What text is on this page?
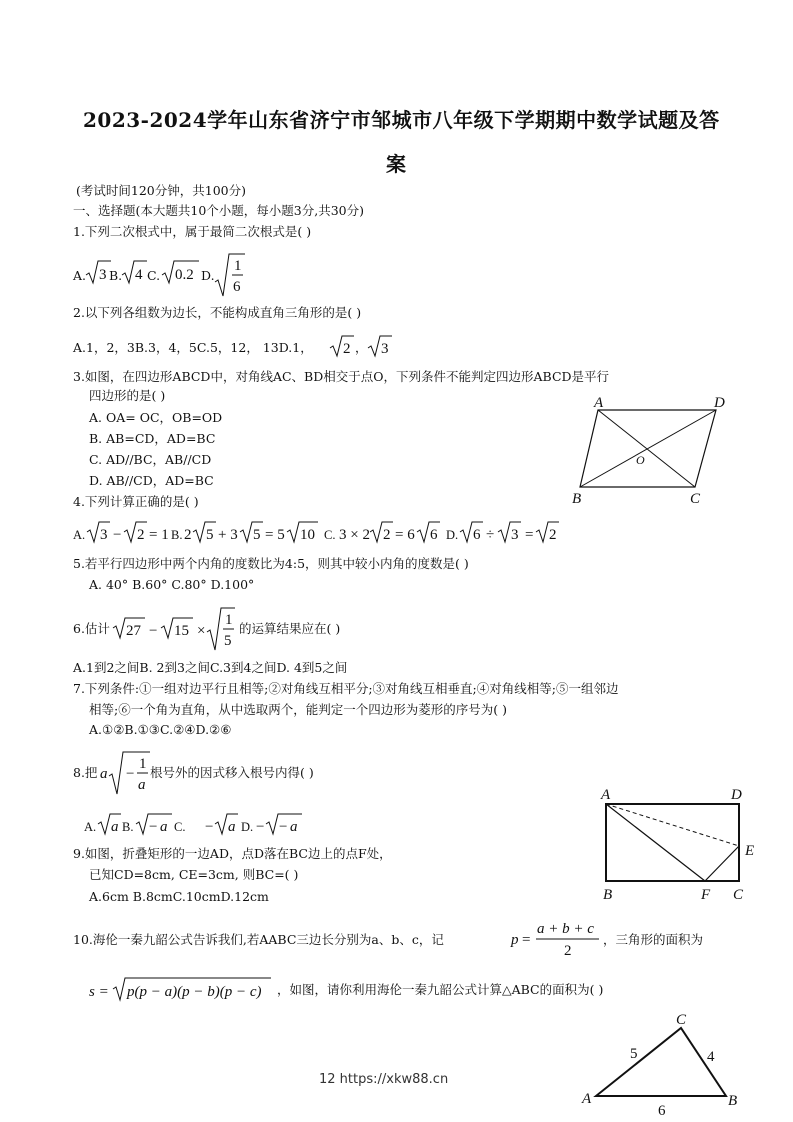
2023-2024学年山东省济宁市邹城市八年级下学期期中数学试题及答
案
(考试时间120分钟，共100分)
一、选择题(本大题共10个小题，每小题3分,共30分)
1.下列二次根式中，属于最简二次根式是( )
A. 3 B. 4 C. 0.2 D.
1
6
2.以下列各组数为边长，不能构成直角三角形的是( )
A.1，2，3B.3，4，5C.5，12， 13D.1， 2 ， 3
3.如图，在四边形ABCD中，对角线AC、BD相交于点O，下列条件不能判定四边形ABCD是平行
四边形的是( )
A. OA= OC，OB=OD
B. AB=CD，AD=BC
C. AD//BC，AB//CD
D. AB//CD，AD=BC
A	D
B	C
O
4.下列计算正确的是( )
A. 3 − 2 = 1 B. 2 5 + 3 5 = 5 10 C. 3 × 2 2 = 6 6 D. 6 ÷ 3 = 2
5.若平行四边形中两个内角的度数比为4:5，则其中较小内角的度数是( )
A. 40° B.60° C.80° D.100°
6.估计 27 − 15 ×
1
5
的运算结果应在( )
A.1到2之间B. 2到3之间C.3到4之间D. 4到5之间
7.下列条件:①一组对边平行且相等;②对角线互相平分;③对角线互相垂直;④对角线相等;⑤一组邻边
相等;⑥一个角为直角，从中选取两个，能判定一个四边形为菱形的序号为( )
A.①②B.①③C.②④D.②⑥
8.把 a −
1
a
根号外的因式移入根号内得( )
A. a B. − a C. − a D. − − a
A	D
E
B	F C
9.如图，折叠矩形的一边AD，点D落在BC边上的点F处，
已知CD=8cm, CE=3cm, 则BC=( )
A.6cm B.8cmC.10cmD.12cm
10.海伦一秦九韶公式告诉我们,若AABC三边长分别为a、b、c，记	p =
a + b + c
2
，三角形的面积为
s = p(p − a)(p − b)(p − c) ，如图，请你利用海伦一秦九韶公式计算△ABC的面积为( )
A
C
B
5	4
6
12 https://xkw88.cn
